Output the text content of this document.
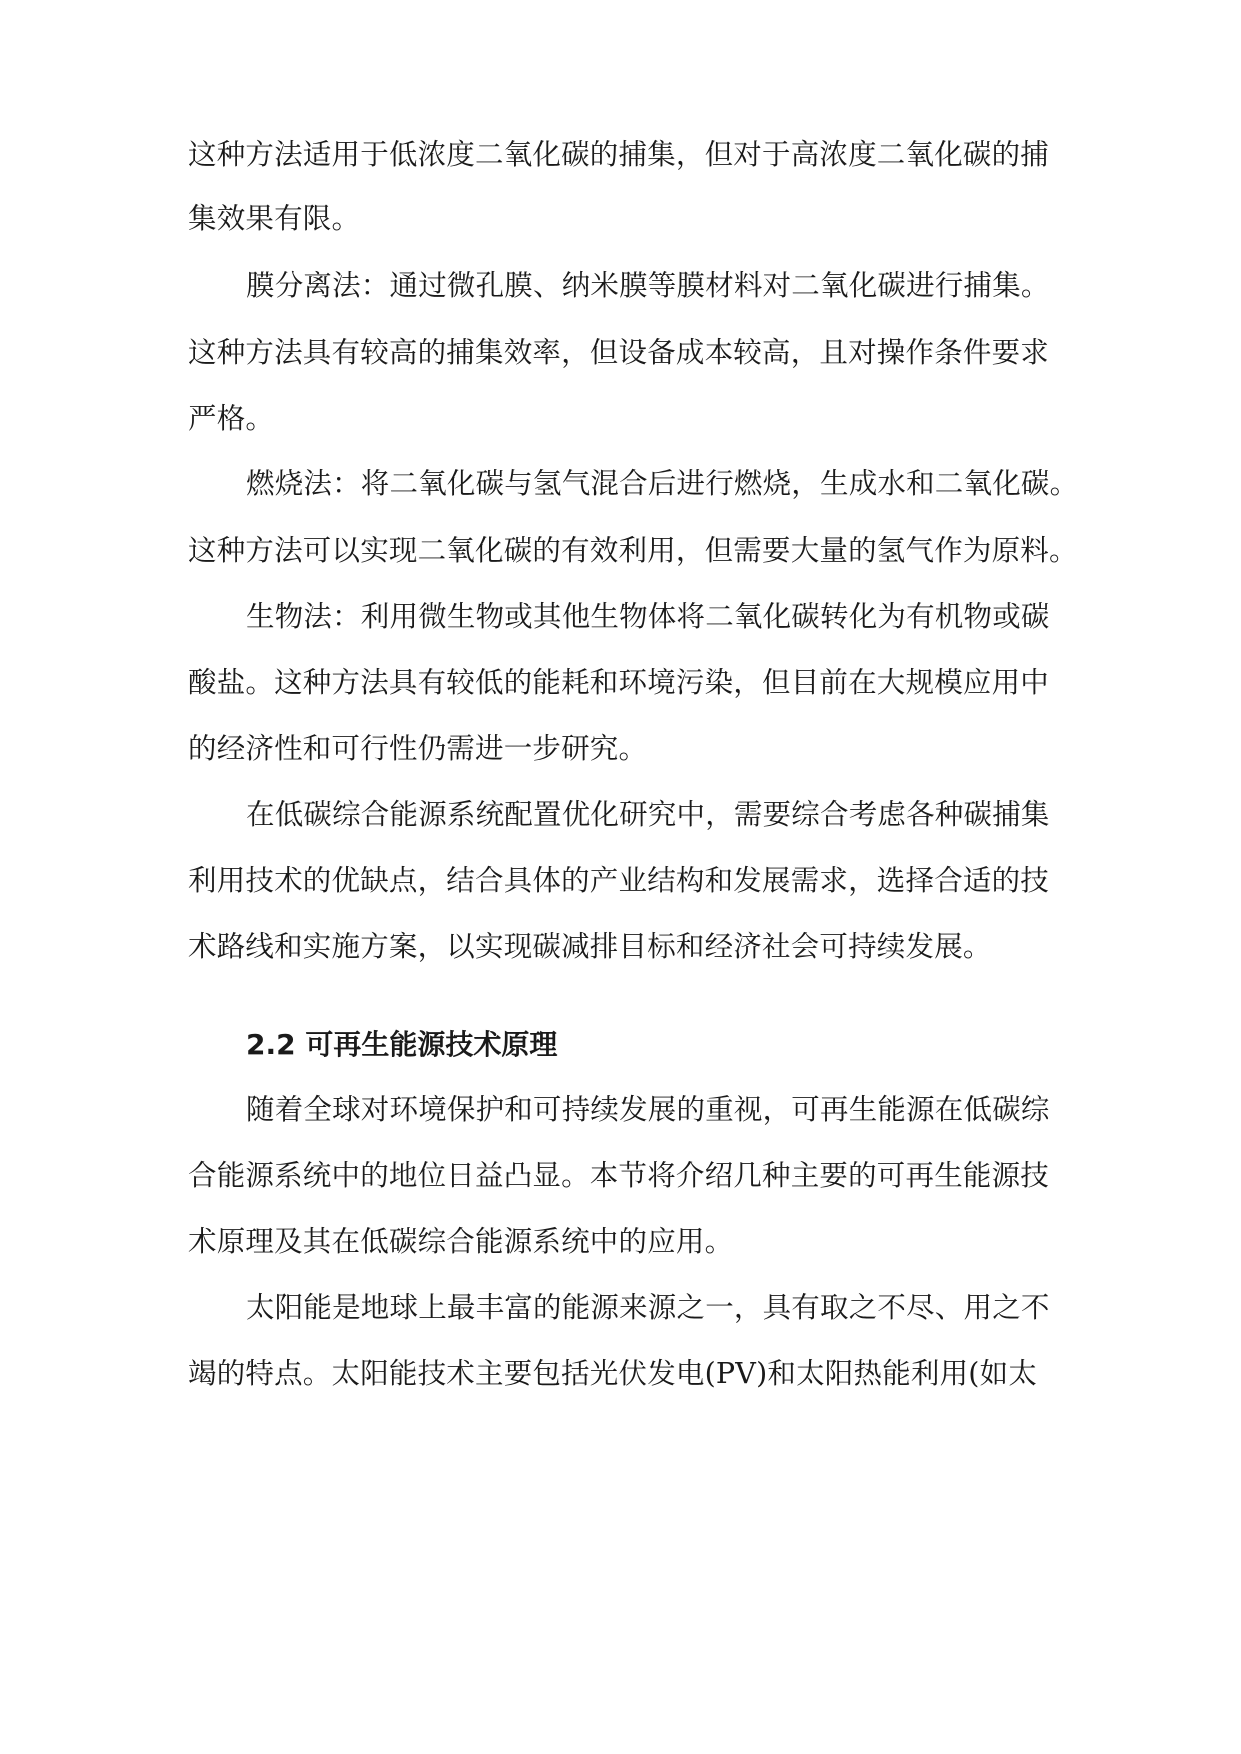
这种方法适用于低浓度二氧化碳的捕集，但对于高浓度二氧化碳的捕
集效果有限。
膜分离法：通过微孔膜、纳米膜等膜材料对二氧化碳进行捕集。
这种方法具有较高的捕集效率，但设备成本较高，且对操作条件要求
严格。
燃烧法：将二氧化碳与氢气混合后进行燃烧，生成水和二氧化碳。
这种方法可以实现二氧化碳的有效利用，但需要大量的氢气作为原料。
生物法：利用微生物或其他生物体将二氧化碳转化为有机物或碳
酸盐。这种方法具有较低的能耗和环境污染，但目前在大规模应用中
的经济性和可行性仍需进一步研究。
在低碳综合能源系统配置优化研究中，需要综合考虑各种碳捕集
利用技术的优缺点，结合具体的产业结构和发展需求，选择合适的技
术路线和实施方案，以实现碳减排目标和经济社会可持续发展。
2.2 可再生能源技术原理
随着全球对环境保护和可持续发展的重视，可再生能源在低碳综
合能源系统中的地位日益凸显。本节将介绍几种主要的可再生能源技
术原理及其在低碳综合能源系统中的应用。
太阳能是地球上最丰富的能源来源之一，具有取之不尽、用之不
竭的特点。太阳能技术主要包括光伏发电(PV)和太阳热能利用(如太
